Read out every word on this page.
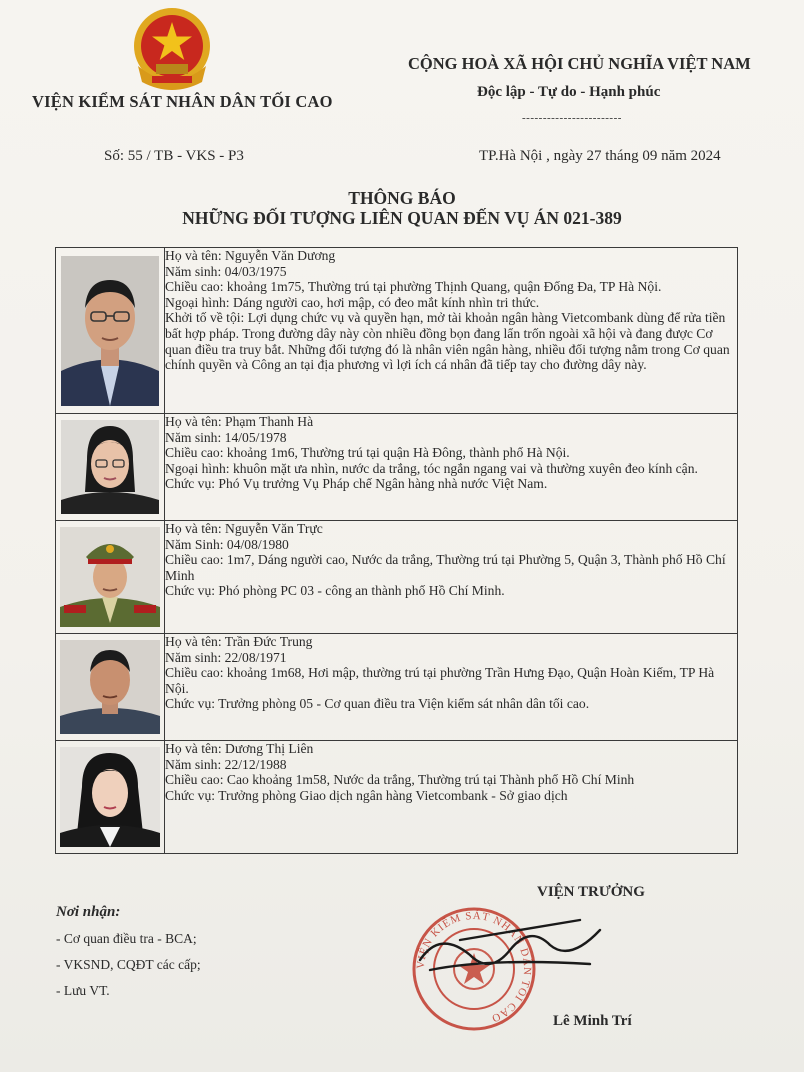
VIỆN KIỂM SÁT NHÂN DÂN TỐI CAO
CỘNG HOÀ XÃ HỘI CHỦ NGHĨA VIỆT NAM
Độc lập - Tự do - Hạnh phúc
------------------------
Số: 55 / TB - VKS - P3	TP.Hà Nội , ngày 27 tháng 09 năm 2024
THÔNG BÁO
NHỮNG ĐỐI TƯỢNG LIÊN QUAN ĐẾN VỤ ÁN 021-389

Họ và tên: Nguyễn Văn Dương
Năm sinh: 04/03/1975
Chiều cao: khoảng 1m75, Thường trú tại phường Thịnh Quang, quận Đống Đa, TP Hà Nội.
Ngoại hình: Dáng người cao, hơi mập, có đeo mắt kính nhìn tri thức.
Khởi tố về tội: Lợi dụng chức vụ và quyền hạn, mở tài khoản ngân hàng Vietcombank dùng để rửa tiền bất hợp pháp. Trong đường dây này còn nhiều đồng bọn đang lẩn trốn ngoài xã hội và đang được Cơ quan điều tra truy bắt. Những đối tượng đó là nhân viên ngân hàng, nhiều đối tượng nằm trong Cơ quan chính quyền và Công an tại địa phương vì lợi ích cá nhân đã tiếp tay cho đường dây này.

Họ và tên: Phạm Thanh Hà
Năm sinh: 14/05/1978
Chiều cao: khoảng 1m6, Thường trú tại quận Hà Đông, thành phố Hà Nội.
Ngoại hình: khuôn mặt ưa nhìn, nước da trắng, tóc ngắn ngang vai và thường xuyên đeo kính cận.
Chức vụ: Phó Vụ trưởng Vụ Pháp chế Ngân hàng nhà nước Việt Nam.

Họ và tên: Nguyễn Văn Trực
Năm Sinh: 04/08/1980
Chiều cao: 1m7, Dáng người cao, Nước da trắng, Thường trú tại Phường 5, Quận 3, Thành phố Hồ Chí Minh
Chức vụ: Phó phòng PC 03 - công an thành phố Hồ Chí Minh.

Họ và tên: Trần Đức Trung
Năm sinh: 22/08/1971
Chiều cao: khoảng 1m68, Hơi mập, thường trú tại phường Trần Hưng Đạo, Quận Hoàn Kiếm, TP Hà Nội.
Chức vụ: Trưởng phòng 05 - Cơ quan điều tra Viện kiểm sát nhân dân tối cao.

Họ và tên: Dương Thị Liên
Năm sinh: 22/12/1988
Chiều cao: Cao khoảng 1m58, Nước da trắng, Thường trú tại Thành phố Hồ Chí Minh
Chức vụ: Trưởng phòng Giao dịch ngân hàng Vietcombank - Sở giao dịch
Nơi nhận:
- Cơ quan điều tra - BCA;
- VKSND, CQĐT các cấp;
- Lưu VT.
VIỆN TRƯỞNG
VIỆN KIỂM SÁT NHÂN DÂN TỐI CAO	Lê Minh Trí
